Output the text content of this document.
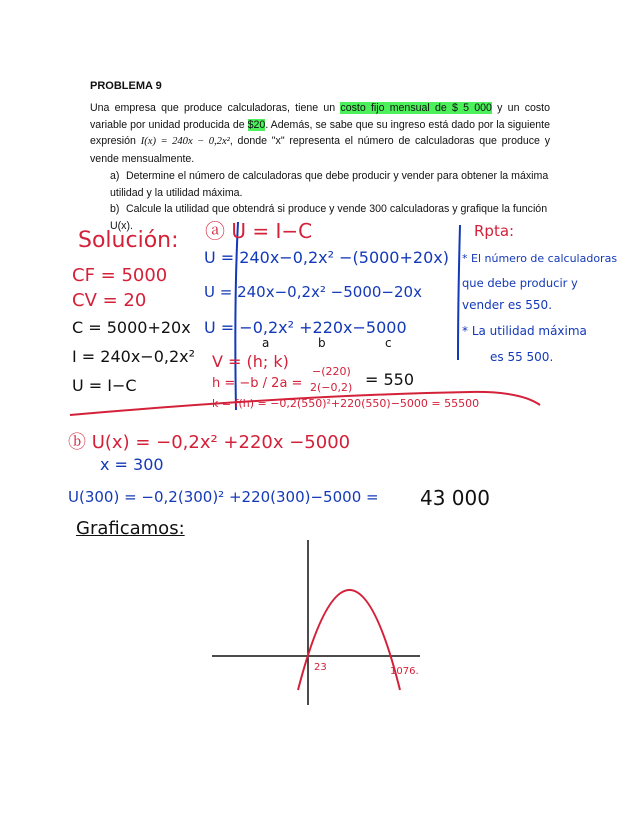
PROBLEMA 9
Una empresa que produce calculadoras, tiene un costo fijo mensual de $ 5 000 y un costo variable por unidad producida de $20. Además, se sabe que su ingreso está dado por la siguiente expresión I(x) = 240x − 0,2x², donde "x" representa el número de calculadoras que produce y vende mensualmente.
a) Determine el número de calculadoras que debe producir y vender para obtener la máxima utilidad y la utilidad máxima.
b) Calcule la utilidad que obtendrá si produce y vende 300 calculadoras y grafique la función U(x).
Solución:
CF = 5000
CV = 20
C = 5000+20x
I = 240x−0,2x²
U = I−C
ⓐ U = I−C
U = 240x−0,2x² −(5000+20x)
U = 240x−0,2x² −5000−20x
U = −0,2x² +220x−5000
a	b	c
V = (h; k)
h = −b / 2a =
−(220)
2(−0,2) = 550
k = f(h) = −0,2(550)²+220(550)−5000 = 55500
Rpta:
* El número de calculadoras
que debe producir y
vender es 550.
* La utilidad máxima
es 55 500.
ⓑ U(x) = −0,2x² +220x −5000
x = 300
U(300) = −0,2(300)² +220(300)−5000 = 43 000
Graficamos:
23	1076.
